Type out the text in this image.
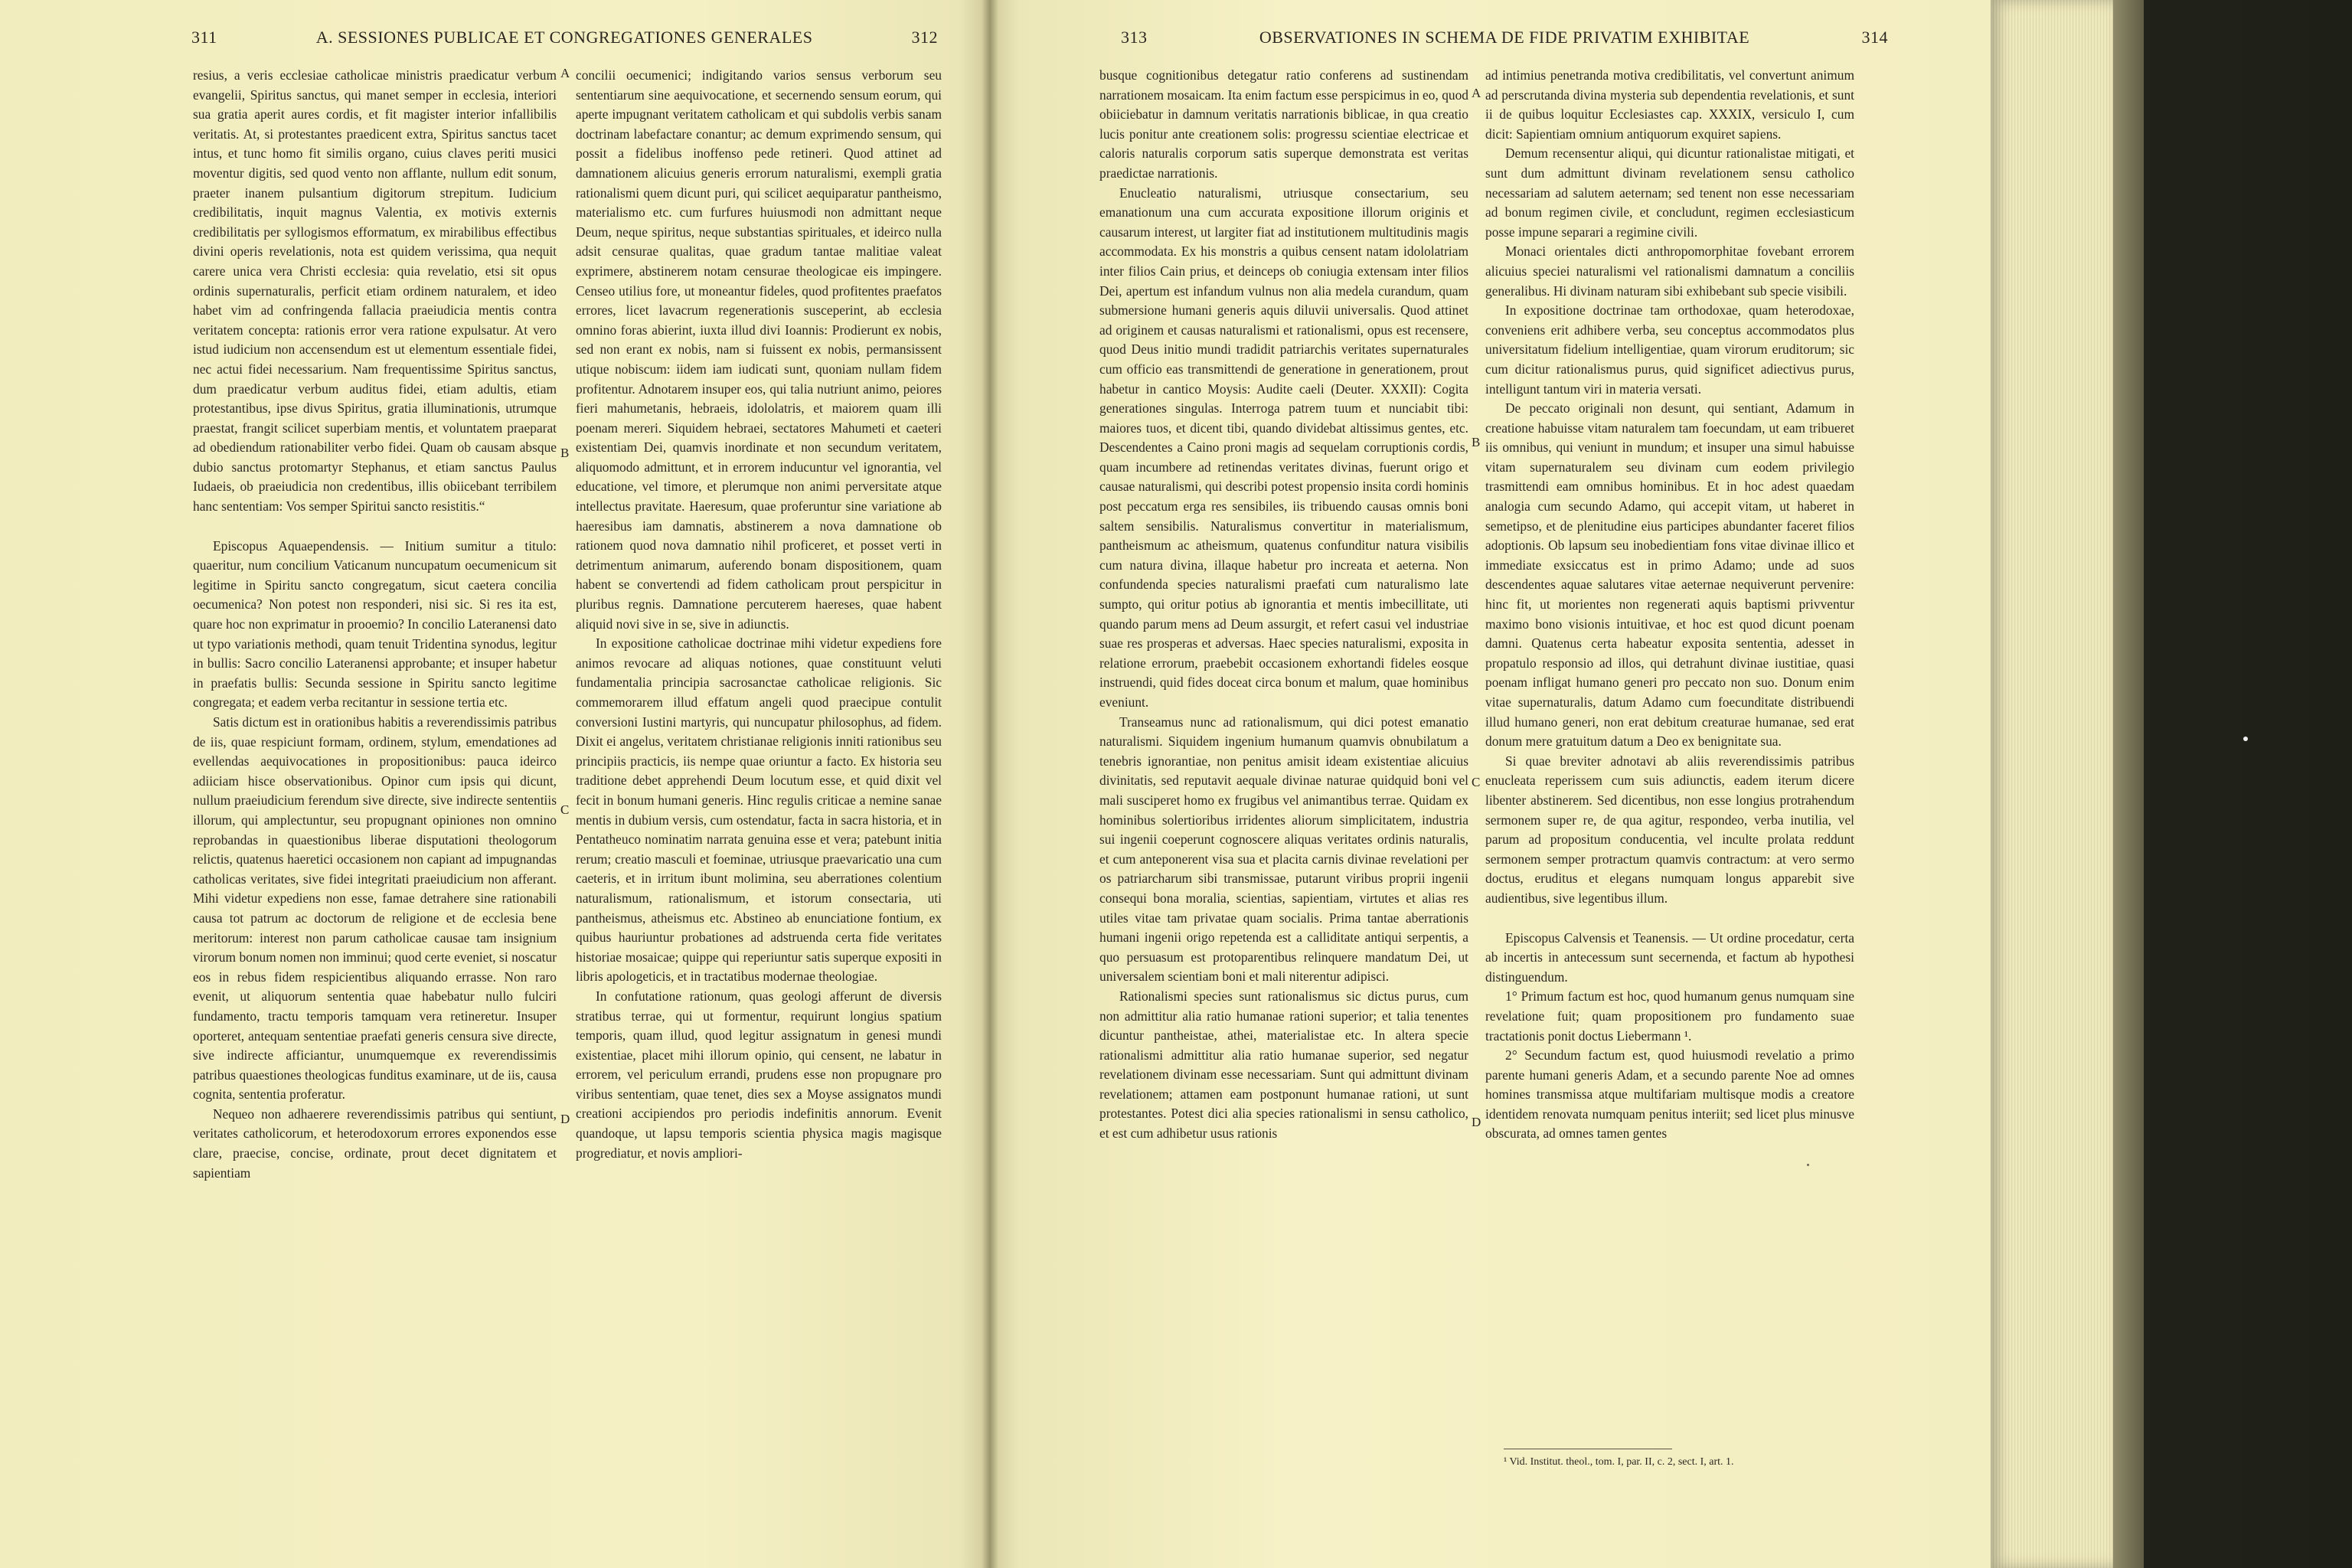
311	A. SESSIONES PUBLICAE ET CONGREGATIONES GENERALES	312

resius, a veris ecclesiae catholicae ministris praedicatur verbum evangelii, Spiritus sanctus, qui manet semper in ecclesia, interiori sua gratia aperit aures cordis, et fit magister interior infallibilis veritatis. At, si protestantes praedicent extra, Spiritus sanctus tacet intus, et tunc homo fit similis organo, cuius claves periti musici moventur digitis, sed quod vento non afflante, nullum edit sonum, praeter inanem pulsantium digitorum strepitum. Iudicium credibilitatis, inquit magnus Valentia, ex motivis externis credibilitatis per syllogismos efformatum, ex mirabilibus effectibus divini operis revelationis, nota est quidem verissima, qua nequit carere unica vera Christi ecclesia: quia revelatio, etsi sit opus ordinis supernaturalis, perficit etiam ordinem naturalem, et ideo habet vim ad confringenda fallacia praeiudicia mentis contra veritatem concepta: rationis error vera ratione expulsatur. At vero istud iudicium non accensendum est ut elementum essentiale fidei, nec actui fidei necessarium. Nam frequentissime Spiritus sanctus, dum praedicatur verbum auditus fidei, etiam adultis, etiam protestantibus, ipse divus Spiritus, gratia illuminationis, utrumque praestat, frangit scilicet superbiam mentis, et voluntatem praeparat ad obediendum rationabiliter verbo fidei. Quam ob causam absque dubio sanctus protomartyr Stephanus, et etiam sanctus Paulus Iudaeis, ob praeiudicia non credentibus, illis obiicebant terribilem hanc sententiam: Vos semper Spiritui sancto resistitis.“

Episcopus Aquaependensis. — Initium sumitur a titulo: quaeritur, num concilium Vaticanum nuncupatum oecumenicum sit legitime in Spiritu sancto congregatum, sicut caetera concilia oecumenica? Non potest non responderi, nisi sic. Si res ita est, quare hoc non exprimatur in prooemio? In concilio Lateranensi dato ut typo variationis methodi, quam tenuit Tridentina synodus, legitur in bullis: Sacro concilio Lateranensi approbante; et insuper habetur in praefatis bullis: Secunda sessione in Spiritu sancto legitime congregata; et eadem verba recitantur in sessione tertia etc.

Satis dictum est in orationibus habitis a reverendissimis patribus de iis, quae respiciunt formam, ordinem, stylum, emendationes ad evellendas aequivocationes in propositionibus: pauca ideirco adiiciam hisce observationibus. Opinor cum ipsis qui dicunt, nullum praeiudicium ferendum sive directe, sive indirecte sententiis illorum, qui amplectuntur, seu propugnant opiniones non omnino reprobandas in quaestionibus liberae disputationi theologorum relictis, quatenus haeretici occasionem non capiant ad impugnandas catholicas veritates, sive fidei integritati praeiudicium non afferant. Mihi videtur expediens non esse, famae detrahere sine rationabili causa tot patrum ac doctorum de religione et de ecclesia bene meritorum: interest non parum catholicae causae tam insignium virorum bonum nomen non imminui; quod certe eveniet, si noscatur eos in rebus fidem respicientibus aliquando errasse. Non raro evenit, ut aliquorum sententia quae habebatur nullo fulciri fundamento, tractu temporis tamquam vera retineretur. Insuper oporteret, antequam sententiae praefati generis censura sive directe, sive indirecte afficiantur, unumquemque ex reverendissimis patribus quaestiones theologicas funditus examinare, ut de iis, causa cognita, sententia proferatur.

Nequeo non adhaerere reverendissimis patribus qui sentiunt, veritates catholicorum, et heterodoxorum errores exponendos esse clare, praecise, concise, ordinate, prout decet dignitatem et sapientiam

A
B
C
D

concilii oecumenici; indigitando varios sensus verborum seu sententiarum sine aequivocatione, et secernendo sensum eorum, qui aperte impugnant veritatem catholicam et qui subdolis verbis sanam doctrinam labefactare conantur; ac demum exprimendo sensum, qui possit a fidelibus inoffenso pede retineri. Quod attinet ad damnationem alicuius generis errorum naturalismi, exempli gratia rationalismi quem dicunt puri, qui scilicet aequiparatur pantheismo, materialismo etc. cum furfures huiusmodi non admittant neque Deum, neque spiritus, neque substantias spirituales, et ideirco nulla adsit censurae qualitas, quae gradum tantae malitiae valeat exprimere, abstinerem notam censurae theologicae eis impingere. Censeo utilius fore, ut moneantur fideles, quod profitentes praefatos errores, licet lavacrum regenerationis susceperint, ab ecclesia omnino foras abierint, iuxta illud divi Ioannis: Prodierunt ex nobis, sed non erant ex nobis, nam si fuissent ex nobis, permansissent utique nobiscum: iidem iam iudicati sunt, quoniam nullam fidem profitentur. Adnotarem insuper eos, qui talia nutriunt animo, peiores fieri mahumetanis, hebraeis, idololatris, et maiorem quam illi poenam mereri. Siquidem hebraei, sectatores Mahumeti et caeteri existentiam Dei, quamvis inordinate et non secundum veritatem, aliquomodo admittunt, et in errorem inducuntur vel ignorantia, vel educatione, vel timore, et plerumque non animi perversitate atque intellectus pravitate. Haeresum, quae proferuntur sine variatione ab haeresibus iam damnatis, abstinerem a nova damnatione ob rationem quod nova damnatio nihil proficeret, et posset verti in detrimentum animarum, auferendo bonam dispositionem, quam habent se convertendi ad fidem catholicam prout perspicitur in pluribus regnis. Damnatione percuterem haereses, quae habent aliquid novi sive in se, sive in adiunctis.

In expositione catholicae doctrinae mihi videtur expediens fore animos revocare ad aliquas notiones, quae constituunt veluti fundamentalia principia sacrosanctae catholicae religionis. Sic commemorarem illud effatum angeli quod praecipue contulit conversioni Iustini martyris, qui nuncupatur philosophus, ad fidem. Dixit ei angelus, veritatem christianae religionis inniti rationibus seu principiis practicis, iis nempe quae oriuntur a facto. Ex historia seu traditione debet apprehendi Deum locutum esse, et quid dixit vel fecit in bonum humani generis. Hinc regulis criticae a nemine sanae mentis in dubium versis, cum ostendatur, facta in sacra historia, et in Pentatheuco nominatim narrata genuina esse et vera; patebunt initia rerum; creatio masculi et foeminae, utriusque praevaricatio una cum caeteris, et in irritum ibunt molimina, seu aberrationes colentium naturalismum, rationalismum, et istorum consectaria, uti pantheismus, atheismus etc. Abstineo ab enunciatione fontium, ex quibus hauriuntur probationes ad adstruenda certa fide veritates historiae mosaicae; quippe qui reperiuntur satis superque expositi in libris apologeticis, et in tractatibus modernae theologiae.

In confutatione rationum, quas geologi afferunt de diversis stratibus terrae, qui ut formentur, requirunt longius spatium temporis, quam illud, quod legitur assignatum in genesi mundi existentiae, placet mihi illorum opinio, qui censent, ne labatur in errorem, vel periculum errandi, prudens esse non propugnare pro viribus sententiam, quae tenet, dies sex a Moyse assignatos mundi creationi accipiendos pro periodis indefinitis annorum. Evenit quandoque, ut lapsu temporis scientia physica magis magisque progrediatur, et novis ampliori-

313	OBSERVATIONES IN SCHEMA DE FIDE PRIVATIM EXHIBITAE	314

busque cognitionibus detegatur ratio conferens ad sustinendam narrationem mosaicam. Ita enim factum esse perspicimus in eo, quod obiiciebatur in damnum veritatis narrationis biblicae, in qua creatio lucis ponitur ante creationem solis: progressu scientiae electricae et caloris naturalis corporum satis superque demonstrata est veritas praedictae narrationis.

Enucleatio naturalismi, utriusque consectarium, seu emanationum una cum accurata expositione illorum originis et causarum interest, ut largiter fiat ad institutionem multitudinis magis accommodata. Ex his monstris a quibus censent natam idololatriam inter filios Cain prius, et deinceps ob coniugia extensam inter filios Dei, apertum est infandum vulnus non alia medela curandum, quam submersione humani generis aquis diluvii universalis. Quod attinet ad originem et causas naturalismi et rationalismi, opus est recensere, quod Deus initio mundi tradidit patriarchis veritates supernaturales cum officio eas transmittendi de generatione in generationem, prout habetur in cantico Moysis: Audite caeli (Deuter. XXXII): Cogita generationes singulas. Interroga patrem tuum et nunciabit tibi: maiores tuos, et dicent tibi, quando dividebat altissimus gentes, etc. Descendentes a Caino proni magis ad sequelam corruptionis cordis, quam incumbere ad retinendas veritates divinas, fuerunt origo et causae naturalismi, qui describi potest propensio insita cordi hominis post peccatum erga res sensibiles, iis tribuendo causas omnis boni saltem sensibilis. Naturalismus convertitur in materialismum, pantheismum ac atheismum, quatenus confunditur natura visibilis cum natura divina, illaque habetur pro increata et aeterna. Non confundenda species naturalismi praefati cum naturalismo late sumpto, qui oritur potius ab ignorantia et mentis imbecillitate, uti quando parum mens ad Deum assurgit, et refert casui vel industriae suae res prosperas et adversas. Haec species naturalismi, exposita in relatione errorum, praebebit occasionem exhortandi fideles eosque instruendi, quid fides doceat circa bonum et malum, quae hominibus eveniunt.

Transeamus nunc ad rationalismum, qui dici potest emanatio naturalismi. Siquidem ingenium humanum quamvis obnubilatum a tenebris ignorantiae, non penitus amisit ideam existentiae alicuius divinitatis, sed reputavit aequale divinae naturae quidquid boni vel mali susciperet homo ex frugibus vel animantibus terrae. Quidam ex hominibus solertioribus irridentes aliorum simplicitatem, industria sui ingenii coeperunt cognoscere aliquas veritates ordinis naturalis, et cum anteponerent visa sua et placita carnis divinae revelationi per os patriarcharum sibi transmissae, putarunt viribus proprii ingenii consequi bona moralia, scientias, sapientiam, virtutes et alias res utiles vitae tam privatae quam socialis. Prima tantae aberrationis humani ingenii origo repetenda est a calliditate antiqui serpentis, a quo persuasum est protoparentibus relinquere mandatum Dei, ut universalem scientiam boni et mali niterentur adipisci.

Rationalismi species sunt rationalismus sic dictus purus, cum non admittitur alia ratio humanae rationi superior; et talia tenentes dicuntur pantheistae, athei, materialistae etc. In altera specie rationalismi admittitur alia ratio humanae superior, sed negatur revelationem divinam esse necessariam. Sunt qui admittunt divinam revelationem; attamen eam postponunt humanae rationi, ut sunt protestantes. Potest dici alia species rationalismi in sensu catholico, et est cum adhibetur usus rationis

A
B
C
D

ad intimius penetranda motiva credibilitatis, vel convertunt animum ad perscrutanda divina mysteria sub dependentia revelationis, et sunt ii de quibus loquitur Ecclesiastes cap. XXXIX, versiculo I, cum dicit: Sapientiam omnium antiquorum exquiret sapiens.

Demum recensentur aliqui, qui dicuntur rationalistae mitigati, et sunt dum admittunt divinam revelationem sensu catholico necessariam ad salutem aeternam; sed tenent non esse necessariam ad bonum regimen civile, et concludunt, regimen ecclesiasticum posse impune separari a regimine civili.

Monaci orientales dicti anthropomorphitae fovebant errorem alicuius speciei naturalismi vel rationalismi damnatum a conciliis generalibus. Hi divinam naturam sibi exhibebant sub specie visibili.

In expositione doctrinae tam orthodoxae, quam heterodoxae, conveniens erit adhibere verba, seu conceptus accommodatos plus universitatum fidelium intelligentiae, quam virorum eruditorum; sic cum dicitur rationalismus purus, quid significet adiectivus purus, intelligunt tantum viri in materia versati.

De peccato originali non desunt, qui sentiant, Adamum in creatione habuisse vitam naturalem tam foecundam, ut eam tribueret iis omnibus, qui veniunt in mundum; et insuper una simul habuisse vitam supernaturalem seu divinam cum eodem privilegio trasmittendi eam omnibus hominibus. Et in hoc adest quaedam analogia cum secundo Adamo, qui accepit vitam, ut haberet in semetipso, et de plenitudine eius participes abundanter faceret filios adoptionis. Ob lapsum seu inobedientiam fons vitae divinae illico et immediate exsiccatus est in primo Adamo; unde ad suos descendentes aquae salutares vitae aeternae nequiverunt pervenire: hinc fit, ut morientes non regenerati aquis baptismi privventur maximo bono visionis intuitivae, et hoc est quod dicunt poenam damni. Quatenus certa habeatur exposita sententia, adesset in propatulo responsio ad illos, qui detrahunt divinae iustitiae, quasi poenam infligat humano generi pro peccato non suo. Donum enim vitae supernaturalis, datum Adamo cum foecunditate distribuendi illud humano generi, non erat debitum creaturae humanae, sed erat donum mere gratuitum datum a Deo ex benignitate sua.

Si quae breviter adnotavi ab aliis reverendissimis patribus enucleata reperissem cum suis adiunctis, eadem iterum dicere libenter abstinerem. Sed dicentibus, non esse longius protrahendum sermonem super re, de qua agitur, respondeo, verba inutilia, vel parum ad propositum conducentia, vel inculte prolata reddunt sermonem semper protractum quamvis contractum: at vero sermo doctus, eruditus et elegans numquam longus apparebit sive audientibus, sive legentibus illum.

Episcopus Calvensis et Teanensis. — Ut ordine procedatur, certa ab incertis in antecessum sunt secernenda, et factum ab hypothesi distinguendum.

1° Primum factum est hoc, quod humanum genus numquam sine revelatione fuit; quam propositionem pro fundamento suae tractationis ponit doctus Liebermann ¹.

2° Secundum factum est, quod huiusmodi revelatio a primo parente humani generis Adam, et a secundo parente Noe ad omnes homines transmissa atque multifariam multisque modis a creatore identidem renovata numquam penitus interiit; sed licet plus minusve obscurata, ad omnes tamen gentes

¹ Vid. Institut. theol., tom. I, par. II, c. 2, sect. I, art. 1.
